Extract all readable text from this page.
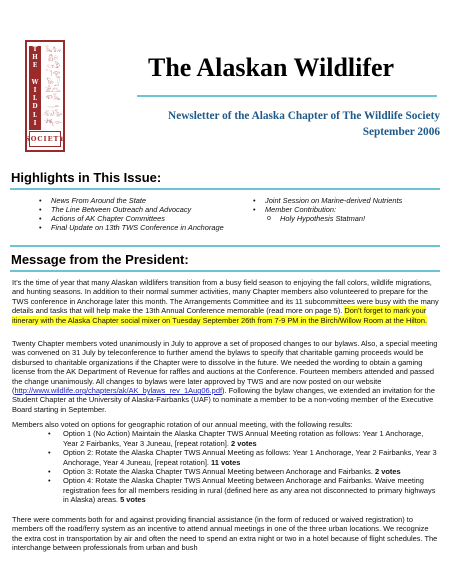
T
H
E

W
I
L
D
L
I
𓅓𓃒
𓆣𓁶
𓃭𓅱
𓆓𓂀
𓅃𓃀
𓀀𓃹
𓆛𓅓
𓂋𓏏
𓃰𓅭
𓆈𓁹
SOCIETY
The Alaskan Wildlifer
Newsletter of the Alaska Chapter of The Wildlife Society
September 2006
Highlights in This Issue:
• News From Around the State
• The Line Between Outreach and Advocacy
• Actions of AK Chapter Committees
• Final Update on 13th TWS Conference in Anchorage
• Joint Session on Marine-derived Nutrients
• Member Contribution:
o Holy Hypothesis Statman!
Message from the President:

It’s the time of year that many Alaskan wildlifers transition from a busy field season to enjoying the fall colors, wildlife migrations, and hunting seasons. In addition to their normal summer activities, many Chapter members also volunteered to prepare for the TWS conference in Anchorage later this month. The Arrangements Committee and its 11 subcommittees were busy with the many details and tasks that will help make the 13th Annual Conference memorable (read more on page 5). Don’t forget to mark your itinerary with the Alaska Chapter social mixer on Tuesday September 26th from 7-9 PM in the Birch/Willow Room at the Hilton.

Twenty Chapter members voted unanimously in July to approve a set of proposed changes to our bylaws. Also, a special meeting was convened on 31 July by teleconference to further amend the bylaws to specify that charitable gaming proceeds would be disbursed to charitable organizations if the Chapter were to dissolve in the future. We needed the wording to obtain a gaming license from the AK Department of Revenue for raffles and auctions at the Conference. Fourteen members attended and passed the change unanimously. All changes to bylaws were later approved by TWS and are now posted on our website (http://www.wildlife.org/chapters/ak/AK_bylaws_rev_1Aug06.pdf). Following the bylaw changes, we extended an invitation for the Student Chapter at the University of Alaska-Fairbanks (UAF) to nominate a member to be a non-voting member of the Executive Board starting in September.

Members also voted on options for geographic rotation of our annual meeting, with the following results:
• Option 1 (No Action) Maintain the Alaska Chapter TWS Annual Meeting rotation as follows: Year 1 Anchorage, Year 2 Fairbanks, Year 3 Juneau, [repeat rotation]. 2 votes
• Option 2: Rotate the Alaska Chapter TWS Annual Meeting as follows: Year 1 Anchorage, Year 2 Fairbanks, Year 3 Anchorage, Year 4 Juneau, [repeat rotation]. 11 votes
• Option 3: Rotate the Alaska Chapter TWS Annual Meeting between Anchorage and Fairbanks. 2 votes
• Option 4: Rotate the Alaska Chapter TWS Annual Meeting between Anchorage and Fairbanks. Waive meeting registration fees for all members residing in rural (defined here as any area not disconnected to primary highways in Alaska) areas. 5 votes

There were comments both for and against providing financial assistance (in the form of reduced or waived registration) to members off the road/ferry system as an incentive to attend annual meetings in one of the three urban locations. We recognize the extra cost in transportation by air and often the need to spend an extra night or two in a hotel because of flight schedules. The interchange between professionals from urban and bush
